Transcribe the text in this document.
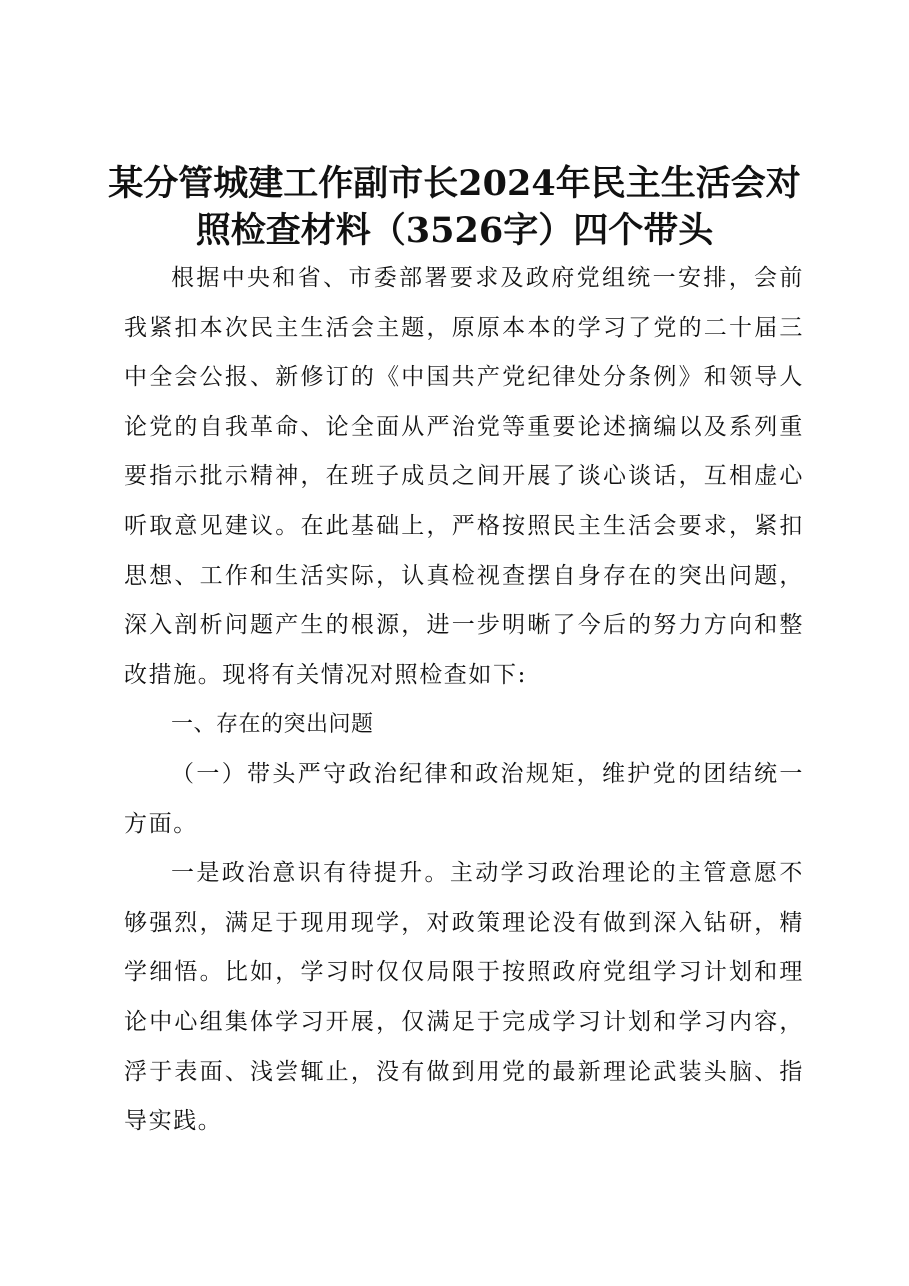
某分管城建工作副市长2024年民主生活会对
照检查材料（3526字）四个带头

根据中央和省、市委部署要求及政府党组统一安排，会前我紧扣本次民主生活会主题，原原本本的学习了党的二十届三中全会公报、新修订的《中国共产党纪律处分条例》和领导人论党的自我革命、论全面从严治党等重要论述摘编以及系列重要指示批示精神，在班子成员之间开展了谈心谈话，互相虚心听取意见建议。在此基础上，严格按照民主生活会要求，紧扣思想、工作和生活实际，认真检视查摆自身存在的突出问题，深入剖析问题产生的根源，进一步明晰了今后的努力方向和整改措施。现将有关情况对照检查如下:

一、存在的突出问题

（一）带头严守政治纪律和政治规矩，维护党的团结统一方面。

一是政治意识有待提升。主动学习政治理论的主管意愿不够强烈，满足于现用现学，对政策理论没有做到深入钻研，精学细悟。比如，学习时仅仅局限于按照政府党组学习计划和理论中心组集体学习开展，仅满足于完成学习计划和学习内容，浮于表面、浅尝辄止，没有做到用党的最新理论武装头脑、指导实践。
